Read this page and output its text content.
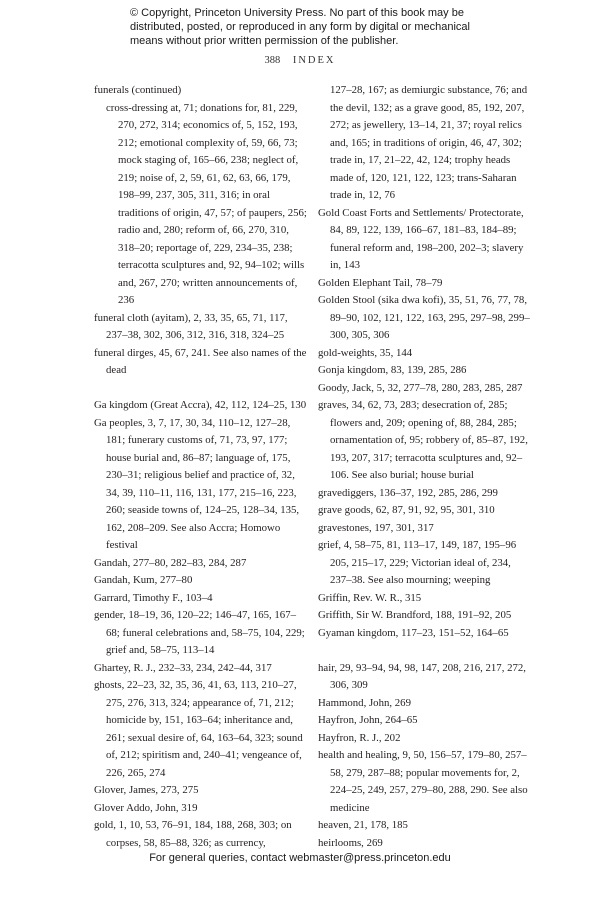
© Copyright, Princeton University Press. No part of this book may be distributed, posted, or reproduced in any form by digital or mechanical means without prior written permission of the publisher.

388 INDEX

funerals (continued)

cross-dressing at, 71; donations for, 81, 229, 270, 272, 314; economics of, 5, 152, 193, 212; emotional complexity of, 59, 66, 73; mock staging of, 165–66, 238; neglect of, 219; noise of, 2, 59, 61, 62, 63, 66, 179, 198–99, 237, 305, 311, 316; in oral traditions of origin, 47, 57; of paupers, 256; radio and, 280; reform of, 66, 270, 310, 318–20; reportage of, 229, 234–35, 238; terracotta sculptures and, 92, 94–102; wills and, 267, 270; written announcements of, 236

funeral cloth (ayitam), 2, 33, 35, 65, 71, 117, 237–38, 302, 306, 312, 316, 318, 324–25

funeral dirges, 45, 67, 241. See also names of the dead

Ga kingdom (Great Accra), 42, 112, 124–25, 130

Ga peoples, 3, 7, 17, 30, 34, 110–12, 127–28, 181; funerary customs of, 71, 73, 97, 177; house burial and, 86–87; language of, 175, 230–31; religious belief and practice of, 32, 34, 39, 110–11, 116, 131, 177, 215–16, 223, 260; seaside towns of, 124–25, 128–34, 135, 162, 208–209. See also Accra; Homowo festival

Gandah, 277–80, 282–83, 284, 287

Gandah, Kum, 277–80

Garrard, Timothy F., 103–4

gender, 18–19, 36, 120–22; 146–47, 165, 167–68; funeral celebrations and, 58–75, 104, 229; grief and, 58–75, 113–14

Ghartey, R. J., 232–33, 234, 242–44, 317

ghosts, 22–23, 32, 35, 36, 41, 63, 113, 210–27, 275, 276, 313, 324; appearance of, 71, 212; homicide by, 151, 163–64; inheritance and, 261; sexual desire of, 64, 163–64, 323; sound of, 212; spiritism and, 240–41; vengeance of, 226, 265, 274

Glover, James, 273, 275

Glover Addo, John, 319

gold, 1, 10, 53, 76–91, 184, 188, 268, 303; on corpses, 58, 85–88, 326; as currency,

127–28, 167; as demiurgic substance, 76; and the devil, 132; as a grave good, 85, 192, 207, 272; as jewellery, 13–14, 21, 37; royal relics and, 165; in traditions of origin, 46, 47, 302; trade in, 17, 21–22, 42, 124; trophy heads made of, 120, 121, 122, 123; trans-Saharan trade in, 12, 76

Gold Coast Forts and Settlements/ Protectorate, 84, 89, 122, 139, 166–67, 181–83, 184–89; funeral reform and, 198–200, 202–3; slavery in, 143

Golden Elephant Tail, 78–79

Golden Stool (sika dwa kofi), 35, 51, 76, 77, 78, 89–90, 102, 121, 122, 163, 295, 297–98, 299–300, 305, 306

gold-weights, 35, 144

Gonja kingdom, 83, 139, 285, 286

Goody, Jack, 5, 32, 277–78, 280, 283, 285, 287

graves, 34, 62, 73, 283; desecration of, 285; flowers and, 209; opening of, 88, 284, 285; ornamentation of, 95; robbery of, 85–87, 192, 193, 207, 317; terracotta sculptures and, 92–106. See also burial; house burial

gravediggers, 136–37, 192, 285, 286, 299

grave goods, 62, 87, 91, 92, 95, 301, 310

gravestones, 197, 301, 317

grief, 4, 58–75, 81, 113–17, 149, 187, 195–96 205, 215–17, 229; Victorian ideal of, 234, 237–38. See also mourning; weeping

Griffin, Rev. W. R., 315

Griffith, Sir W. Brandford, 188, 191–92, 205

Gyaman kingdom, 117–23, 151–52, 164–65

hair, 29, 93–94, 94, 98, 147, 208, 216, 217, 272, 306, 309

Hammond, John, 269

Hayfron, John, 264–65

Hayfron, R. J., 202

health and healing, 9, 50, 156–57, 179–80, 257–58, 279, 287–88; popular movements for, 2, 224–25, 249, 257, 279–80, 288, 290. See also medicine

heaven, 21, 178, 185

heirlooms, 269

For general queries, contact webmaster@press.princeton.edu
